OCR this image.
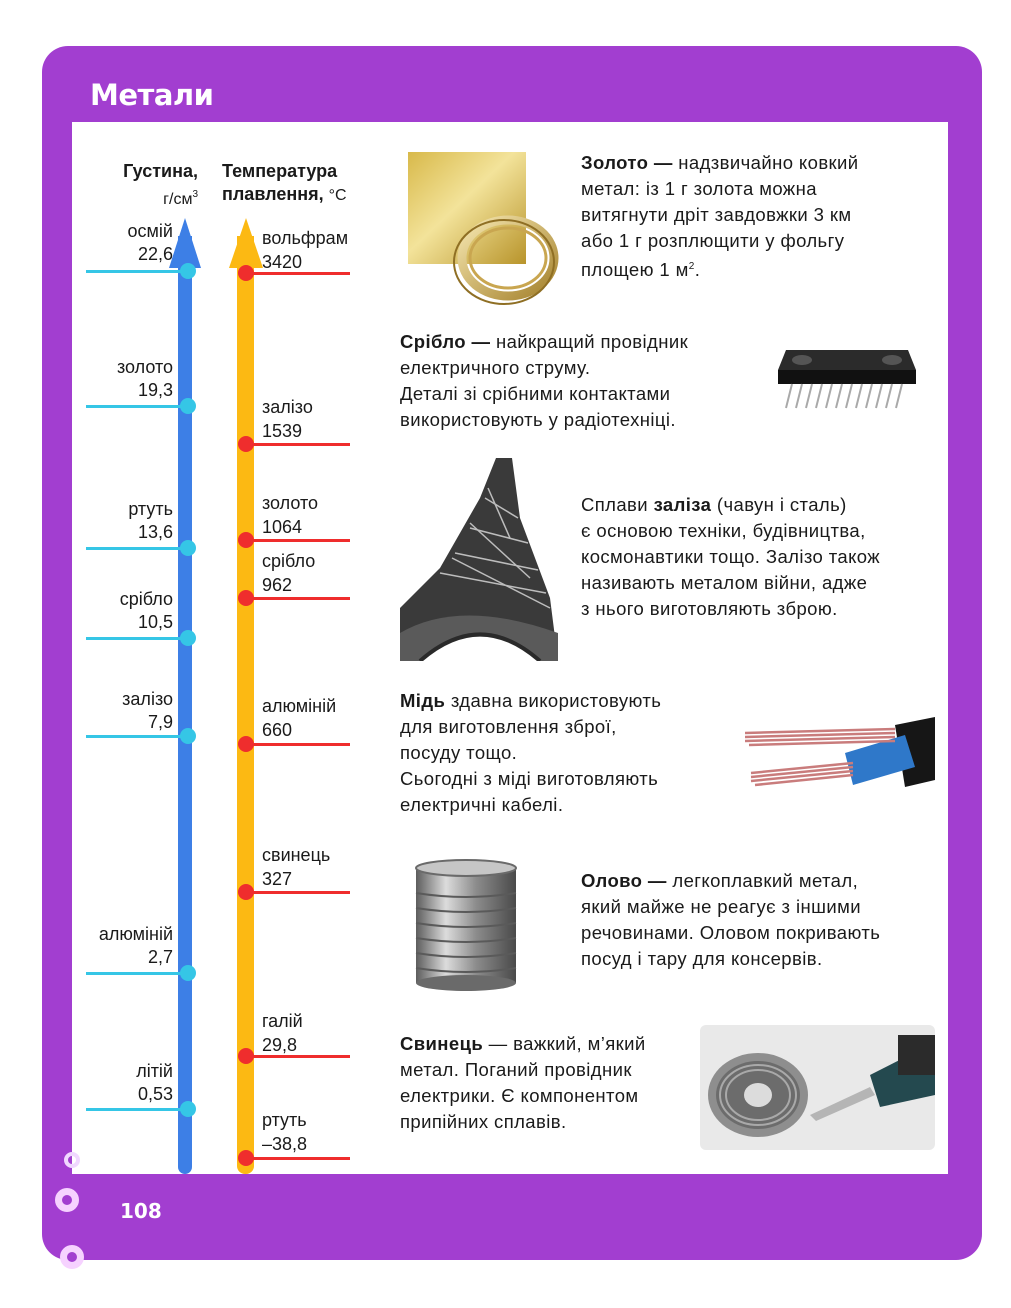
Метали
108
Густина,
$г/см^3$
Температура
плавлення, °C
осмій
22,6
золото
19,3
ртуть
13,6
срібло
10,5
залізо
7,9
алюміній
2,7
літій
0,53
вольфрам
3420
залізо
1539
золото
1064
срібло
962
алюміній
660
свинець
327
галій
29,8
ртуть
–38,8
Золото — надзвичайно ковкий
метал: із 1 г золота можна
витягнути дріт завдовжки 3 км
або 1 г розплющити у фольгу
площею 1 $м^2$.
Срібло — найкращий провідник
електричного струму.
Деталі зі срібними контактами
використовують у радіотехніці.
Сплави заліза (чавун і сталь)
є основою техніки, будівництва,
космонавтики тощо. Залізо також
називають металом війни, адже
з нього виготовляють зброю.
Мідь здавна використовують
для виготовлення зброї,
посуду тощо.
Сьогодні з міді виготовляють
електричні кабелі.
Олово — легкоплавкий метал,
який майже не реагує з іншими
речовинами. Оловом покривають
посуд і тару для консервів.
Свинець — важкий, м’який
метал. Поганий провідник
електрики. Є компонентом
припійних сплавів.
